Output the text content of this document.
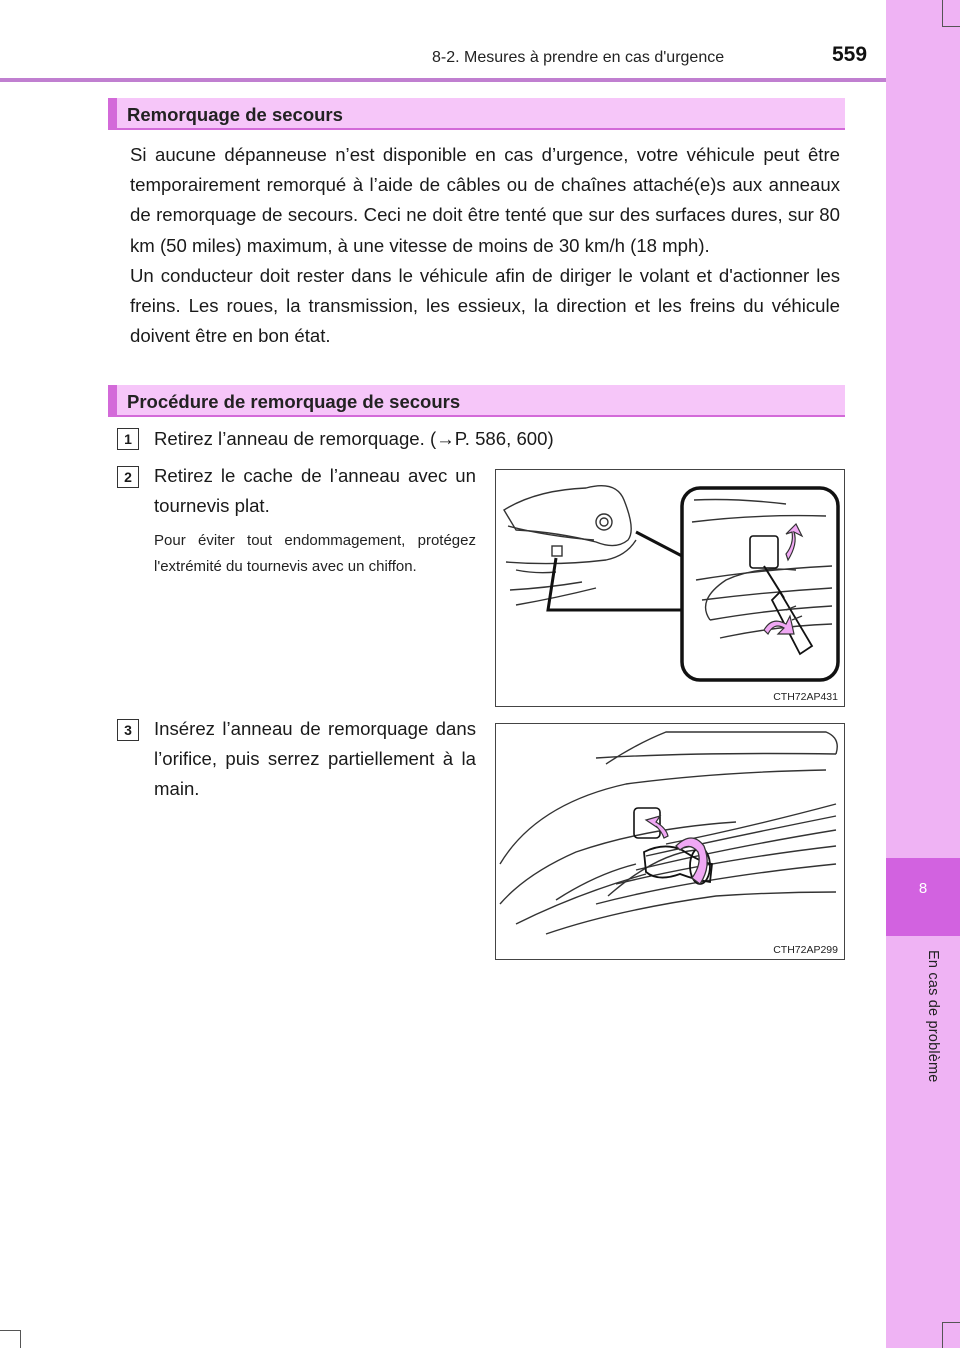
8
En cas de problème
8-2. Mesures à prendre en cas d'urgence	559
Remorquage de secours

Si aucune dépanneuse n’est disponible en cas d’urgence, votre véhicule peut être temporairement remorqué à l’aide de câbles ou de chaînes attaché(e)s aux anneaux de remorquage de secours. Ceci ne doit être tenté que sur des surfaces dures, sur 80 km (50 miles) maximum, à une vitesse de moins de 30 km/h (18 mph).

Un conducteur doit rester dans le véhicule afin de diriger le volant et d'actionner les freins. Les roues, la transmission, les essieux, la direction et les freins du véhicule doivent être en bon état.

Procédure de remorquage de secours
1	Retirez l’anneau de remorquage. (→P. 586, 600)
2	Retirez le cache de l’anneau avec un tournevis plat.
Pour éviter tout endommagement, protégez l'extrémité du tournevis avec un chiffon.
CTH72AP431
3	Insérez l’anneau de remorquage dans l’orifice, puis serrez partiellement à la main.
CTH72AP299
